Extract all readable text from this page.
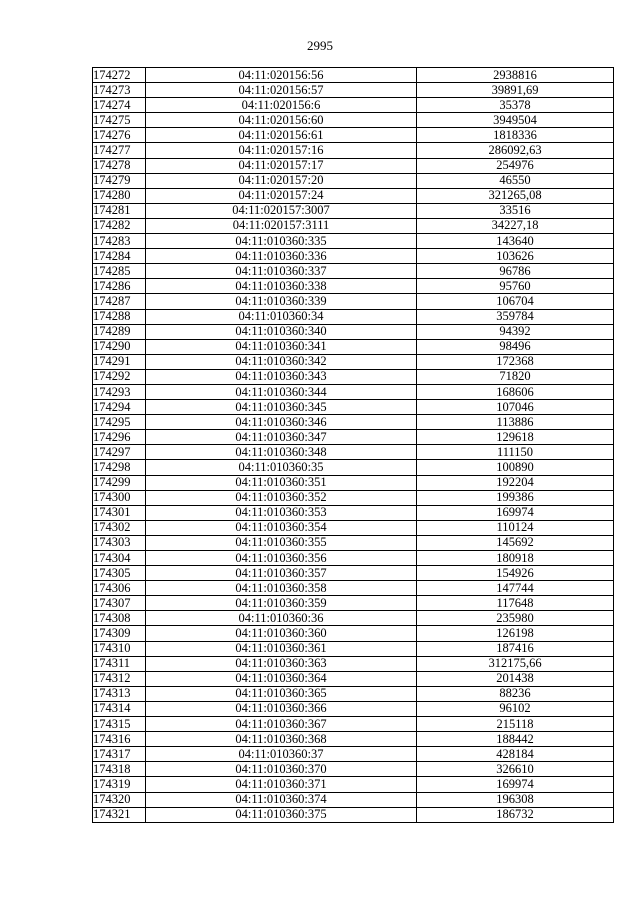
2995
174272	04:11:020156:56	2938816
174273	04:11:020156:57	39891,69
174274	04:11:020156:6	35378
174275	04:11:020156:60	3949504
174276	04:11:020156:61	1818336
174277	04:11:020157:16	286092,63
174278	04:11:020157:17	254976
174279	04:11:020157:20	46550
174280	04:11:020157:24	321265,08
174281	04:11:020157:3007	33516
174282	04:11:020157:3111	34227,18
174283	04:11:010360:335	143640
174284	04:11:010360:336	103626
174285	04:11:010360:337	96786
174286	04:11:010360:338	95760
174287	04:11:010360:339	106704
174288	04:11:010360:34	359784
174289	04:11:010360:340	94392
174290	04:11:010360:341	98496
174291	04:11:010360:342	172368
174292	04:11:010360:343	71820
174293	04:11:010360:344	168606
174294	04:11:010360:345	107046
174295	04:11:010360:346	113886
174296	04:11:010360:347	129618
174297	04:11:010360:348	111150
174298	04:11:010360:35	100890
174299	04:11:010360:351	192204
174300	04:11:010360:352	199386
174301	04:11:010360:353	169974
174302	04:11:010360:354	110124
174303	04:11:010360:355	145692
174304	04:11:010360:356	180918
174305	04:11:010360:357	154926
174306	04:11:010360:358	147744
174307	04:11:010360:359	117648
174308	04:11:010360:36	235980
174309	04:11:010360:360	126198
174310	04:11:010360:361	187416
174311	04:11:010360:363	312175,66
174312	04:11:010360:364	201438
174313	04:11:010360:365	88236
174314	04:11:010360:366	96102
174315	04:11:010360:367	215118
174316	04:11:010360:368	188442
174317	04:11:010360:37	428184
174318	04:11:010360:370	326610
174319	04:11:010360:371	169974
174320	04:11:010360:374	196308
174321	04:11:010360:375	186732
